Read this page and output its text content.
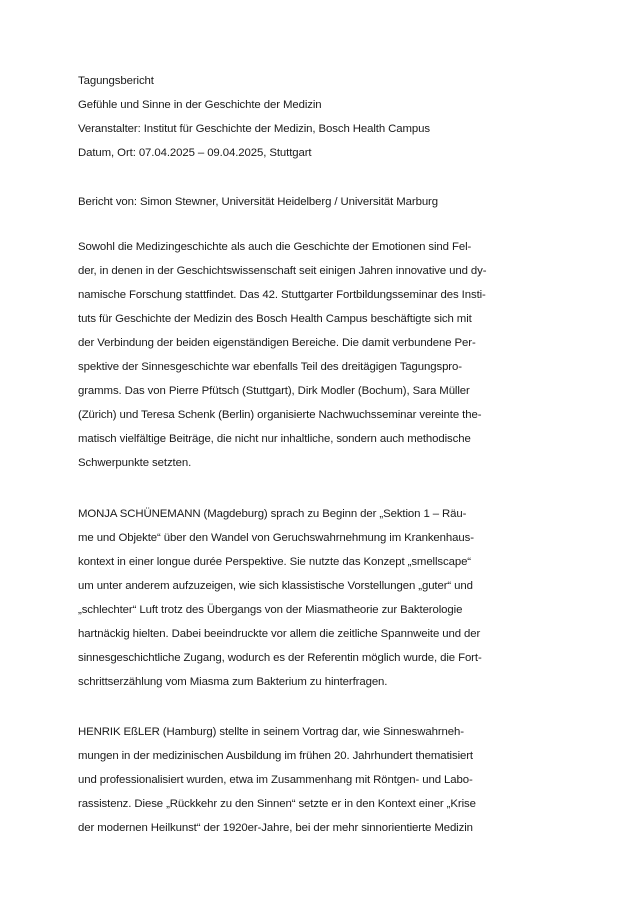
Tagungsbericht
Gefühle und Sinne in der Geschichte der Medizin
Veranstalter: Institut für Geschichte der Medizin, Bosch Health Campus
Datum, Ort: 07.04.2025 – 09.04.2025, Stuttgart
Bericht von: Simon Stewner, Universität Heidelberg / Universität Marburg
Sowohl die Medizingeschichte als auch die Geschichte der Emotionen sind Fel-
der, in denen in der Geschichtswissenschaft seit einigen Jahren innovative und dy-
namische Forschung stattfindet. Das 42. Stuttgarter Fortbildungsseminar des Insti-
tuts für Geschichte der Medizin des Bosch Health Campus beschäftigte sich mit
der Verbindung der beiden eigenständigen Bereiche. Die damit verbundene Per-
spektive der Sinnesgeschichte war ebenfalls Teil des dreitägigen Tagungspro-
gramms. Das von Pierre Pfütsch (Stuttgart), Dirk Modler (Bochum), Sara Müller
(Zürich) und Teresa Schenk (Berlin) organisierte Nachwuchsseminar vereinte the-
matisch vielfältige Beiträge, die nicht nur inhaltliche, sondern auch methodische
Schwerpunkte setzten.
MONJA SCHÜNEMANN (Magdeburg) sprach zu Beginn der „Sektion 1 – Räu-
me und Objekte“ über den Wandel von Geruchswahrnehmung im Krankenhaus-
kontext in einer longue durée Perspektive. Sie nutzte das Konzept „smellscape“
um unter anderem aufzuzeigen, wie sich klassistische Vorstellungen „guter“ und
„schlechter“ Luft trotz des Übergangs von der Miasmatheorie zur Bakterologie
hartnäckig hielten. Dabei beeindruckte vor allem die zeitliche Spannweite und der
sinnesgeschichtliche Zugang, wodurch es der Referentin möglich wurde, die Fort-
schrittserzählung vom Miasma zum Bakterium zu hinterfragen.
HENRIK EßLER (Hamburg) stellte in seinem Vortrag dar, wie Sinneswahrneh-
mungen in der medizinischen Ausbildung im frühen 20. Jahrhundert thematisiert
und professionalisiert wurden, etwa im Zusammenhang mit Röntgen- und Labo-
rassistenz. Diese „Rückkehr zu den Sinnen“ setzte er in den Kontext einer „Krise
der modernen Heilkunst“ der 1920er-Jahre, bei der mehr sinnorientierte Medizin
